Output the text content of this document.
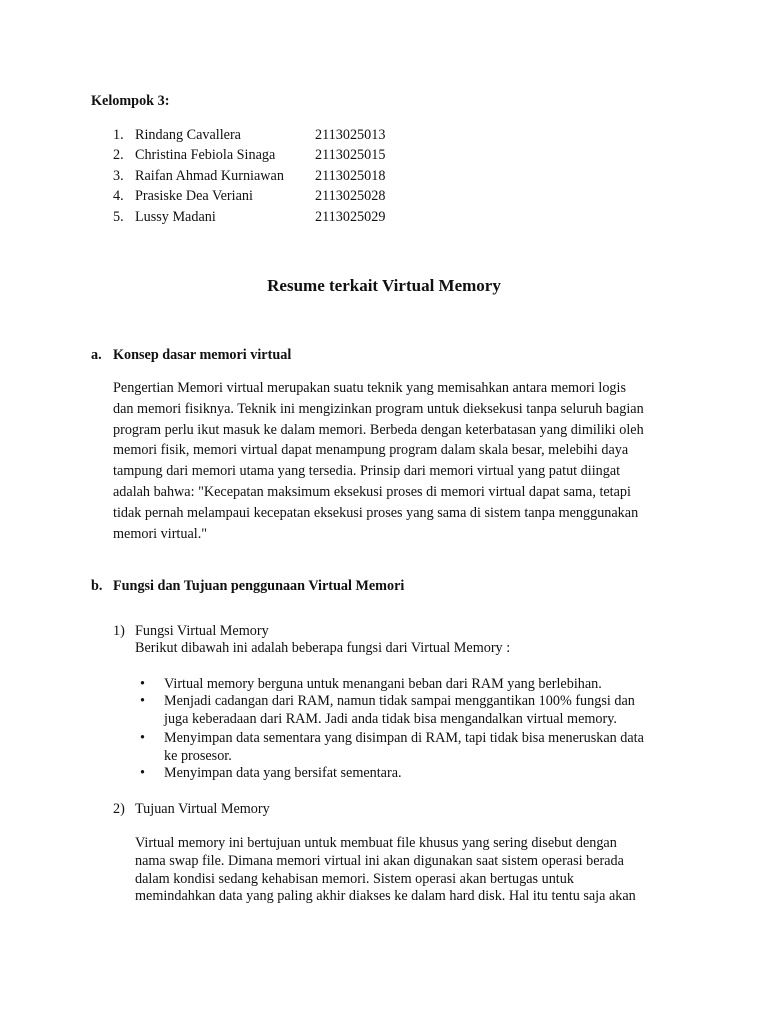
Kelompok 3:
1. Rindang Cavallera	2113025013
2. Christina Febiola Sinaga	2113025015
3. Raifan Ahmad Kurniawan 2113025018
4. Prasiske Dea Veriani	2113025028
5. Lussy Madani	2113025029
Resume terkait Virtual Memory
a. Konsep dasar memori virtual
Pengertian Memori virtual merupakan suatu teknik yang memisahkan antara memori logis
dan memori fisiknya. Teknik ini mengizinkan program untuk dieksekusi tanpa seluruh bagian
program perlu ikut masuk ke dalam memori. Berbeda dengan keterbatasan yang dimiliki oleh
memori fisik, memori virtual dapat menampung program dalam skala besar, melebihi daya
tampung dari memori utama yang tersedia. Prinsip dari memori virtual yang patut diingat
adalah bahwa: "Kecepatan maksimum eksekusi proses di memori virtual dapat sama, tetapi
tidak pernah melampaui kecepatan eksekusi proses yang sama di sistem tanpa menggunakan
memori virtual."
b. Fungsi dan Tujuan penggunaan Virtual Memori
1) Fungsi Virtual Memory
Berikut dibawah ini adalah beberapa fungsi dari Virtual Memory :
• Virtual memory berguna untuk menangani beban dari RAM yang berlebihan.
• Menjadi cadangan dari RAM, namun tidak sampai menggantikan 100% fungsi dan
juga keberadaan dari RAM. Jadi anda tidak bisa mengandalkan virtual memory.
• Menyimpan data sementara yang disimpan di RAM, tapi tidak bisa meneruskan data
ke prosesor.
• Menyimpan data yang bersifat sementara.
2) Tujuan Virtual Memory
Virtual memory ini bertujuan untuk membuat file khusus yang sering disebut dengan
nama swap file. Dimana memori virtual ini akan digunakan saat sistem operasi berada
dalam kondisi sedang kehabisan memori. Sistem operasi akan bertugas untuk
memindahkan data yang paling akhir diakses ke dalam hard disk. Hal itu tentu saja akan
